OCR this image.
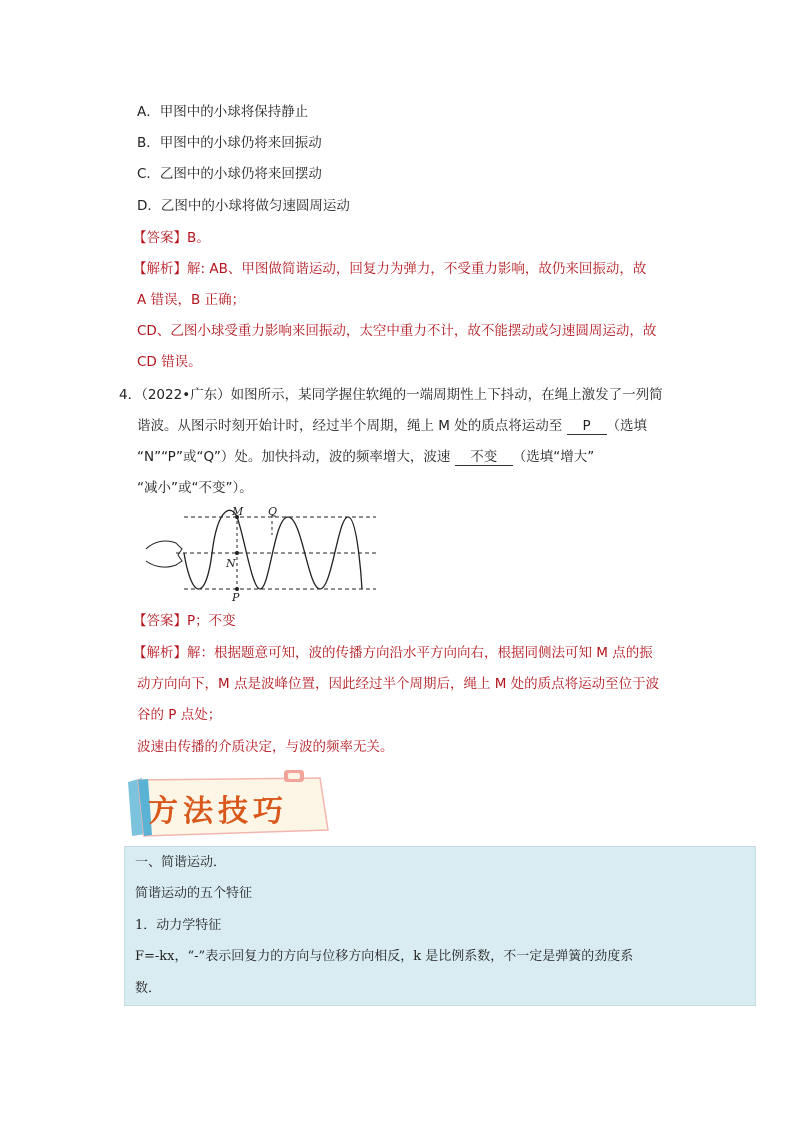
A．甲图中的小球将保持静止
B．甲图中的小球仍将来回振动
C．乙图中的小球仍将来回摆动
D．乙图中的小球将做匀速圆周运动
【答案】B。
【解析】解: AB、甲图做简谐运动，回复力为弹力，不受重力影响，故仍来回振动，故
A 错误，B 正确；
CD、乙图小球受重力影响来回振动，太空中重力不计，故不能摆动或匀速圆周运动，故
CD 错误。
4．（2022•广东）如图所示，某同学握住软绳的一端周期性上下抖动，在绳上激发了一列简
谐波。从图示时刻开始计时，经过半个周期，绳上 M 处的质点将运动至 P （选填
“N”“P”或“Q”）处。加快抖动，波的频率增大，波速 不变 （选填“增大”
“减小”或“不变”）。
M Q
N
P
【答案】P；不变
【解析】解：根据题意可知，波的传播方向沿水平方向向右，根据同侧法可知 M 点的振
动方向向下，M 点是波峰位置，因此经过半个周期后，绳上 M 处的质点将运动至位于波
谷的 P 点处；
波速由传播的介质决定，与波的频率无关。
方法技巧
一、简谐运动．
简谐运动的五个特征
1．动力学特征
F=-kx，“-”表示回复力的方向与位移方向相反，k 是比例系数，不一定是弹簧的劲度系
数．
